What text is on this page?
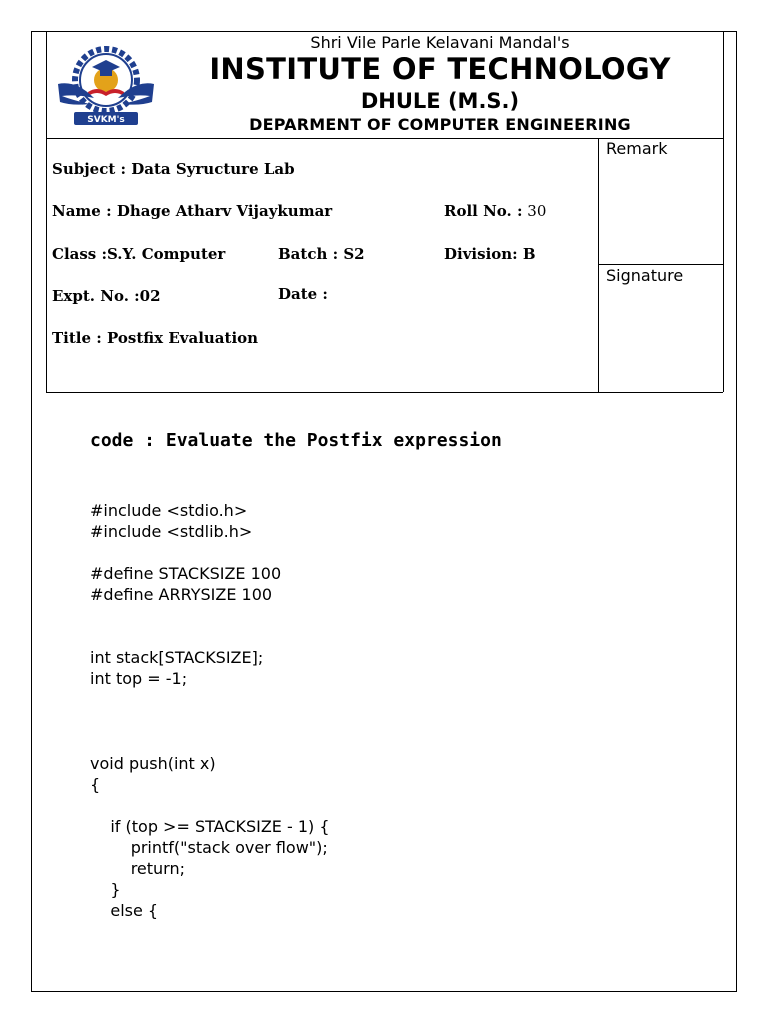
SVKM's
Shri Vile Parle Kelavani Mandal's
INSTITUTE OF TECHNOLOGY
DHULE (M.S.)
DEPARMENT OF COMPUTER ENGINEERING
Subject : Data Syructure Lab
Name : Dhage Atharv Vijaykumar	Roll No. : 30
Class :S.Y. Computer	Batch : S2	Division: B
Expt. No. :02	Date :
Title : Postfix Evaluation
Remark
Signature
code : Evaluate the Postfix expression
#include <stdio.h>
#include <stdlib.h>
#define STACKSIZE 100
#define ARRYSIZE 100
int stack[STACKSIZE];
int top = -1;
void push(int x)
{
if (top >= STACKSIZE - 1) {
printf("stack over flow");
return;
}
else {
